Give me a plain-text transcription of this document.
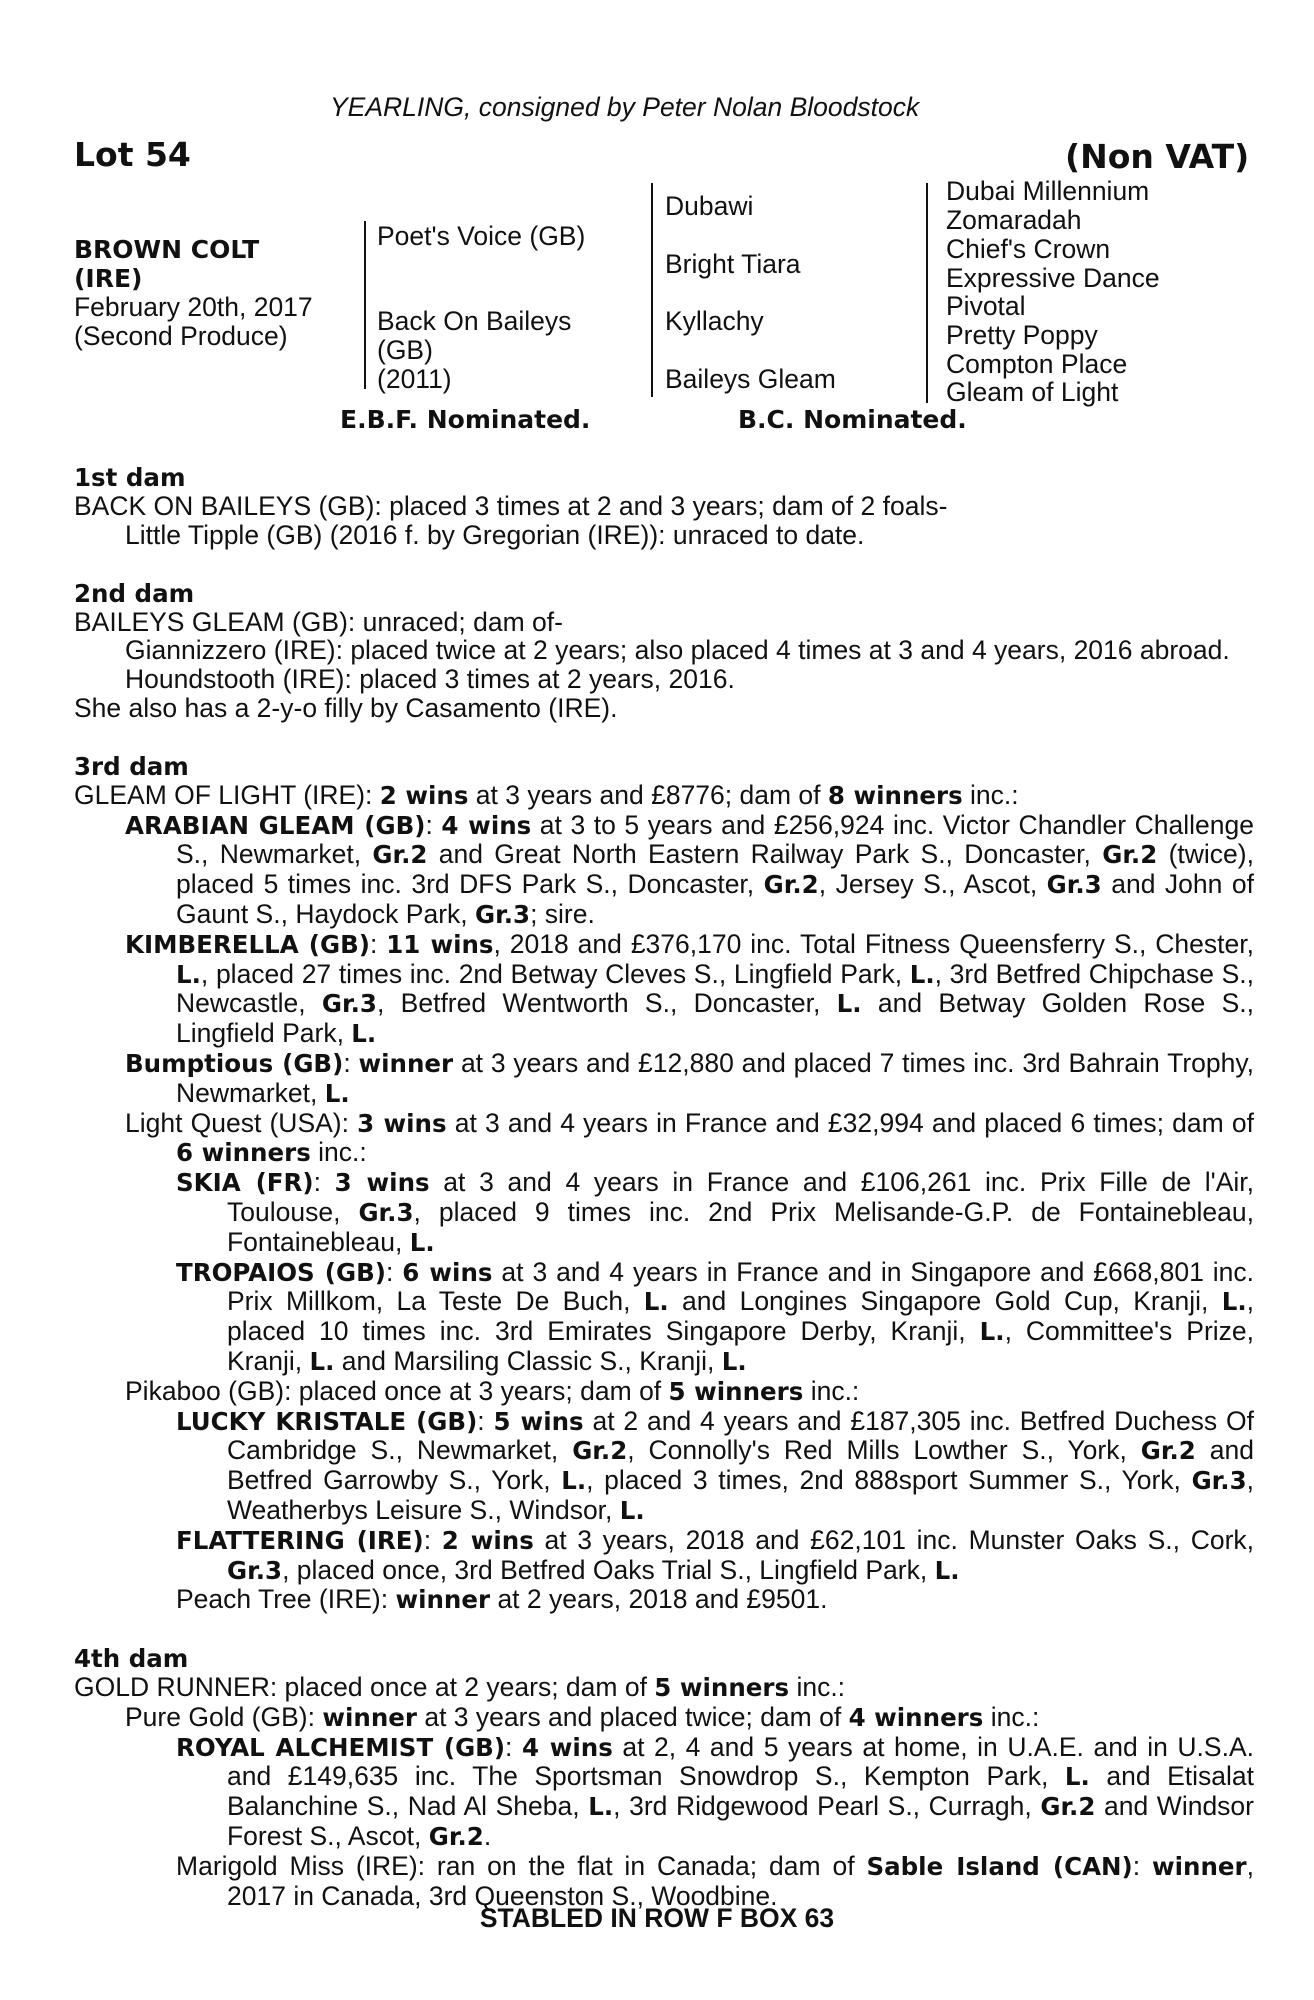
YEARLING, consigned by Peter Nolan Bloodstock
Lot 54	(Non VAT)
BROWN COLT
(IRE)
February 20th, 2017
(Second Produce)
Poet's Voice (GB)
Back On Baileys
(GB)
(2011)
Dubawi
Bright Tiara
Kyllachy
Baileys Gleam
Dubai Millennium
Zomaradah
Chief's Crown
Expressive Dance
Pivotal
Pretty Poppy
Compton Place
Gleam of Light
E.B.F. Nominated.	B.C. Nominated.
1st dam
BACK ON BAILEYS (GB): placed 3 times at 2 and 3 years; dam of 2 foals-
Little Tipple (GB) (2016 f. by Gregorian (IRE)): unraced to date.
2nd dam
BAILEYS GLEAM (GB): unraced; dam of-
Giannizzero (IRE): placed twice at 2 years; also placed 4 times at 3 and 4 years, 2016 abroad.
Houndstooth (IRE): placed 3 times at 2 years, 2016.
She also has a 2-y-o filly by Casamento (IRE).
3rd dam
GLEAM OF LIGHT (IRE): 2 wins at 3 years and £8776; dam of 8 winners inc.:
ARABIAN GLEAM (GB): 4 wins at 3 to 5 years and £256,924 inc. Victor Chandler Challenge S., Newmarket, Gr.2 and Great North Eastern Railway Park S., Doncaster, Gr.2 (twice), placed 5 times inc. 3rd DFS Park S., Doncaster, Gr.2, Jersey S., Ascot, Gr.3 and John of Gaunt S., Haydock Park, Gr.3; sire.
KIMBERELLA (GB): 11 wins, 2018 and £376,170 inc. Total Fitness Queensferry S., Chester, L., placed 27 times inc. 2nd Betway Cleves S., Lingfield Park, L., 3rd Betfred Chipchase S., Newcastle, Gr.3, Betfred Wentworth S., Doncaster, L. and Betway Golden Rose S., Lingfield Park, L.
Bumptious (GB): winner at 3 years and £12,880 and placed 7 times inc. 3rd Bahrain Trophy, Newmarket, L.
Light Quest (USA): 3 wins at 3 and 4 years in France and £32,994 and placed 6 times; dam of 6 winners inc.:
SKIA (FR): 3 wins at 3 and 4 years in France and £106,261 inc. Prix Fille de l'Air, Toulouse, Gr.3, placed 9 times inc. 2nd Prix Melisande-G.P. de Fontainebleau, Fontainebleau, L.
TROPAIOS (GB): 6 wins at 3 and 4 years in France and in Singapore and £668,801 inc. Prix Millkom, La Teste De Buch, L. and Longines Singapore Gold Cup, Kranji, L., placed 10 times inc. 3rd Emirates Singapore Derby, Kranji, L., Committee's Prize, Kranji, L. and Marsiling Classic S., Kranji, L.
Pikaboo (GB): placed once at 3 years; dam of 5 winners inc.:
LUCKY KRISTALE (GB): 5 wins at 2 and 4 years and £187,305 inc. Betfred Duchess Of Cambridge S., Newmarket, Gr.2, Connolly's Red Mills Lowther S., York, Gr.2 and Betfred Garrowby S., York, L., placed 3 times, 2nd 888sport Summer S., York, Gr.3, Weatherbys Leisure S., Windsor, L.
FLATTERING (IRE): 2 wins at 3 years, 2018 and £62,101 inc. Munster Oaks S., Cork, Gr.3, placed once, 3rd Betfred Oaks Trial S., Lingfield Park, L.
Peach Tree (IRE): winner at 2 years, 2018 and £9501.
4th dam
GOLD RUNNER: placed once at 2 years; dam of 5 winners inc.:
Pure Gold (GB): winner at 3 years and placed twice; dam of 4 winners inc.:
ROYAL ALCHEMIST (GB): 4 wins at 2, 4 and 5 years at home, in U.A.E. and in U.S.A. and £149,635 inc. The Sportsman Snowdrop S., Kempton Park, L. and Etisalat Balanchine S., Nad Al Sheba, L., 3rd Ridgewood Pearl S., Curragh, Gr.2 and Windsor Forest S., Ascot, Gr.2.
Marigold Miss (IRE): ran on the flat in Canada; dam of Sable Island (CAN): winner, 2017 in Canada, 3rd Queenston S., Woodbine.
STABLED IN ROW F BOX 63
